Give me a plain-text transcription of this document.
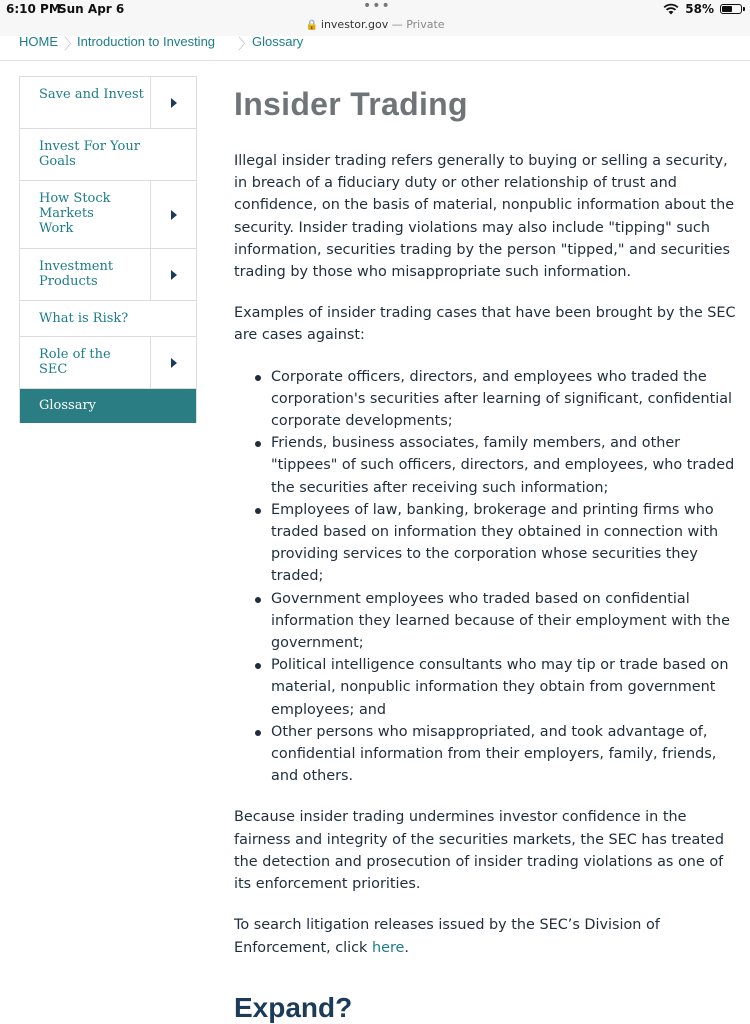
6:10 PM
Sun Apr 6	•••
🔒 investor.gov — Private
58%
HOME 〉
Introduction to Investing 〉
Glossary
Save and Invest
Invest For Your Goals
How Stock Markets Work
Investment Products
What is Risk?
Role of the SEC
Glossary
Insider Trading

Illegal insider trading refers generally to buying or selling a security, in breach of a fiduciary duty or other relationship of trust and confidence, on the basis of material, nonpublic information about the security. Insider trading violations may also include "tipping" such information, securities trading by the person "tipped," and securities trading by those who misappropriate such information.

Examples of insider trading cases that have been brought by the SEC are cases against:

Corporate officers, directors, and employees who traded the corporation's securities after learning of significant, confidential corporate developments;
Friends, business associates, family members, and other "tippees" of such officers, directors, and employees, who traded the securities after receiving such information;
Employees of law, banking, brokerage and printing firms who traded based on information they obtained in connection with providing services to the corporation whose securities they traded;
Government employees who traded based on confidential information they learned because of their employment with the government;
Political intelligence consultants who may tip or trade based on material, nonpublic information they obtain from government employees; and
Other persons who misappropriated, and took advantage of, confidential information from their employers, family, friends, and others.

Because insider trading undermines investor confidence in the fairness and integrity of the securities markets, the SEC has treated the detection and prosecution of insider trading violations as one of its enforcement priorities.

To search litigation releases issued by the SEC’s Division of Enforcement, click here.

Expand?
